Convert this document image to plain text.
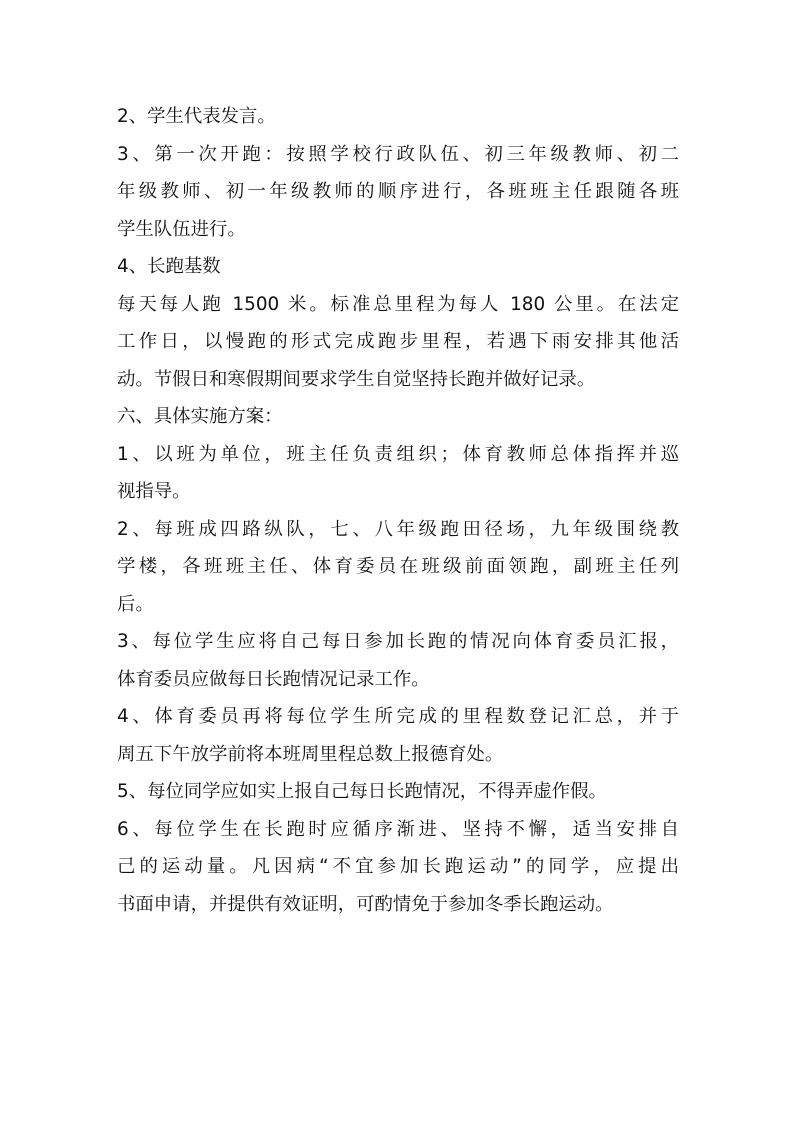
2、学生代表发言。
3、第一次开跑：按照学校行政队伍、初三年级教师、初二
年级教师、初一年级教师的顺序进行，各班班主任跟随各班
学生队伍进行。
4、长跑基数
每天每人跑 1500 米。标准总里程为每人 180 公里。在法定
工作日，以慢跑的形式完成跑步里程，若遇下雨安排其他活
动。节假日和寒假期间要求学生自觉坚持长跑并做好记录。
六、具体实施方案：
1、以班为单位，班主任负责组织；体育教师总体指挥并巡
视指导。
2、每班成四路纵队，七、八年级跑田径场，九年级围绕教
学楼，各班班主任、体育委员在班级前面领跑，副班主任列
后。
3、每位学生应将自己每日参加长跑的情况向体育委员汇报，
体育委员应做每日长跑情况记录工作。
4、体育委员再将每位学生所完成的里程数登记汇总，并于
周五下午放学前将本班周里程总数上报德育处。
5、每位同学应如实上报自己每日长跑情况，不得弄虚作假。
6、每位学生在长跑时应循序渐进、坚持不懈，适当安排自
己的运动量。凡因病“不宜参加长跑运动”的同学，应提出
书面申请，并提供有效证明，可酌情免于参加冬季长跑运动。
